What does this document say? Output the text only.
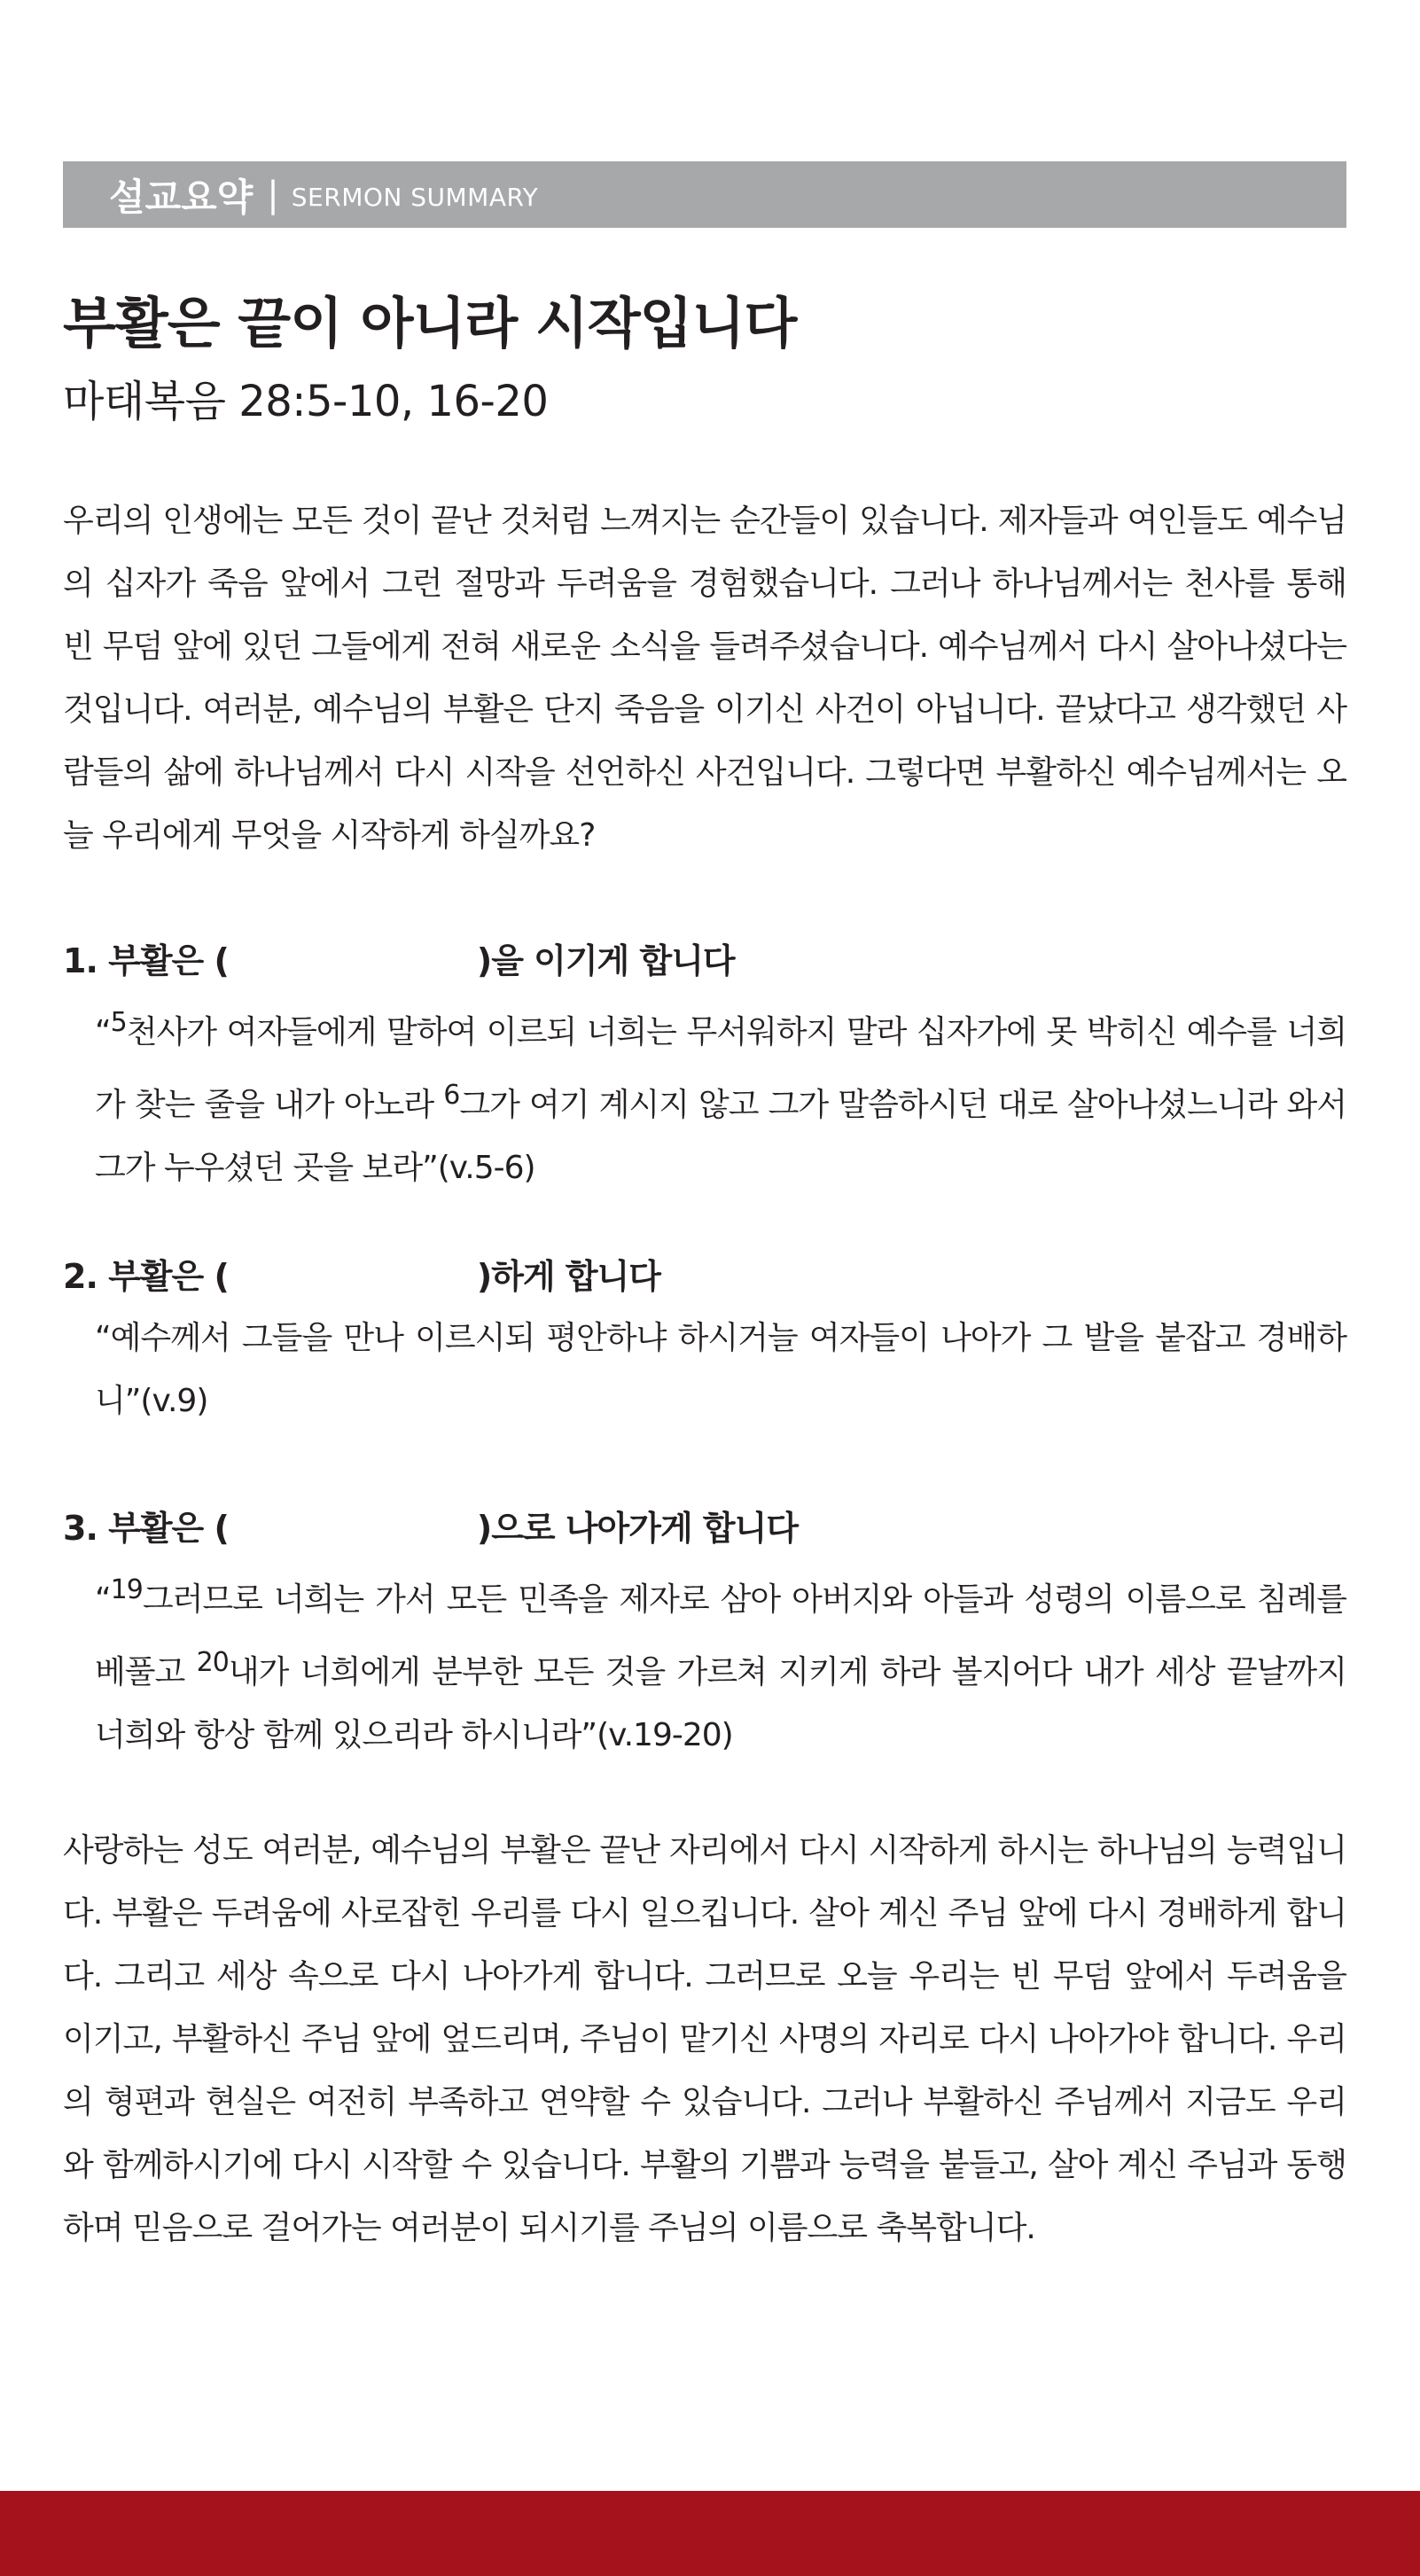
설교요약 | SERMON SUMMARY
부활은 끝이 아니라 시작입니다
마태복음 28:5-10, 16-20
우리의 인생에는 모든 것이 끝난 것처럼 느껴지는 순간들이 있습니다. 제자들과 여인들도 예수님의 십자가 죽음 앞에서 그런 절망과 두려움을 경험했습니다. 그러나 하나님께서는 천사를 통해 빈 무덤 앞에 있던 그들에게 전혀 새로운 소식을 들려주셨습니다. 예수님께서 다시 살아나셨다는 것입니다. 여러분, 예수님의 부활은 단지 죽음을 이기신 사건이 아닙니다. 끝났다고 생각했던 사람들의 삶에 하나님께서 다시 시작을 선언하신 사건입니다. 그렇다면 부활하신 예수님께서는 오늘 우리에게 무엇을 시작하게 하실까요?
1. 부활은 (	)을 이기게 합니다
“$^5$천사가 여자들에게 말하여 이르되 너희는 무서워하지 말라 십자가에 못 박히신 예수를 너희가 찾는 줄을 내가 아노라 $^6$그가 여기 계시지 않고 그가 말씀하시던 대로 살아나셨느니라 와서 그가 누우셨던 곳을 보라”(v.5-6)
2. 부활은 (	)하게 합니다
“예수께서 그들을 만나 이르시되 평안하냐 하시거늘 여자들이 나아가 그 발을 붙잡고 경배하니”(v.9)
3. 부활은 (	)으로 나아가게 합니다
“$^{19}$그러므로 너희는 가서 모든 민족을 제자로 삼아 아버지와 아들과 성령의 이름으로 침례를 베풀고 $^{20}$내가 너희에게 분부한 모든 것을 가르쳐 지키게 하라 볼지어다 내가 세상 끝날까지 너희와 항상 함께 있으리라 하시니라”(v.19-20)
사랑하는 성도 여러분, 예수님의 부활은 끝난 자리에서 다시 시작하게 하시는 하나님의 능력입니다. 부활은 두려움에 사로잡힌 우리를 다시 일으킵니다. 살아 계신 주님 앞에 다시 경배하게 합니다. 그리고 세상 속으로 다시 나아가게 합니다. 그러므로 오늘 우리는 빈 무덤 앞에서 두려움을 이기고, 부활하신 주님 앞에 엎드리며, 주님이 맡기신 사명의 자리로 다시 나아가야 합니다. 우리의 형편과 현실은 여전히 부족하고 연약할 수 있습니다. 그러나 부활하신 주님께서 지금도 우리와 함께하시기에 다시 시작할 수 있습니다. 부활의 기쁨과 능력을 붙들고, 살아 계신 주님과 동행하며 믿음으로 걸어가는 여러분이 되시기를 주님의 이름으로 축복합니다.
